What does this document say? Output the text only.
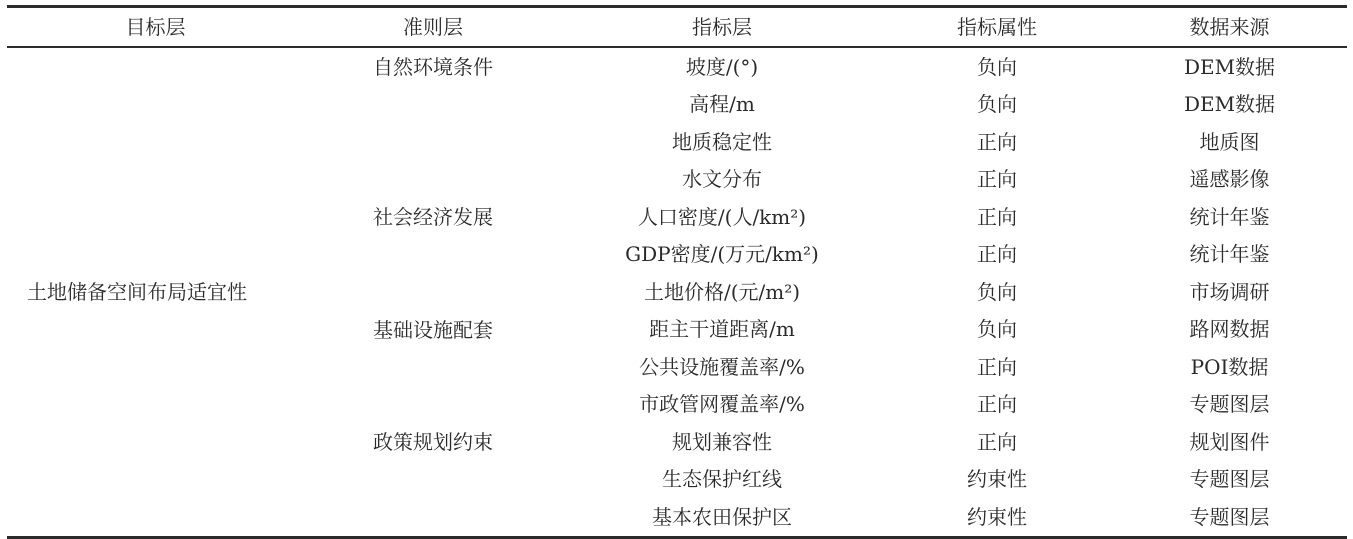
目标层	准则层	指标层	指标属性	数据来源
土地储备空间布局适宜性	自然环境条件	坡度/(°)	负向	DEM数据
		高程/m	负向	DEM数据
		地质稳定性	正向	地质图
		水文分布	正向	遥感影像
	社会经济发展	人口密度/(人/km²)	正向	统计年鉴
		GDP密度/(万元/km²)	正向	统计年鉴
		土地价格/(元/m²)	负向	市场调研
	基础设施配套	距主干道距离/m	负向	路网数据
		公共设施覆盖率/%	正向	POI数据
		市政管网覆盖率/%	正向	专题图层
	政策规划约束	规划兼容性	正向	规划图件
		生态保护红线	约束性	专题图层
		基本农田保护区	约束性	专题图层
